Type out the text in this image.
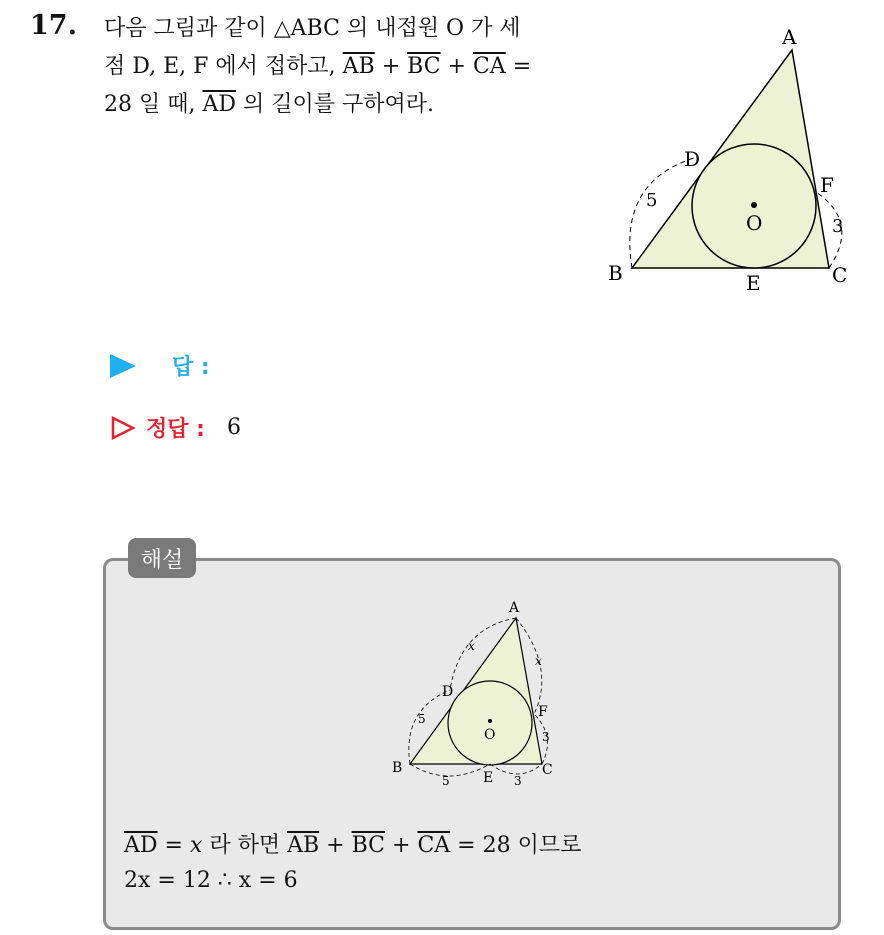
17. 다음 그림과 같이 △ABC 의 내접원 O 가 세
점 D, E, F 에서 접하고, $\overline{AB} + \overline{BC} + \overline{CA}$ =
28 일 때, $\overline{AD}$ 의 길이를 구하여라.
A
B	C
D
E
F
O
5
3
답 :
정답 : 6
해설
A
B	C
D
E
F
O
x
x
5
5	3
3
$\overline{AD} = x$ 라 하면 $\overline{AB} + \overline{BC} + \overline{CA} = 28$ 이므로
2x = 12 ∴ x = 6
